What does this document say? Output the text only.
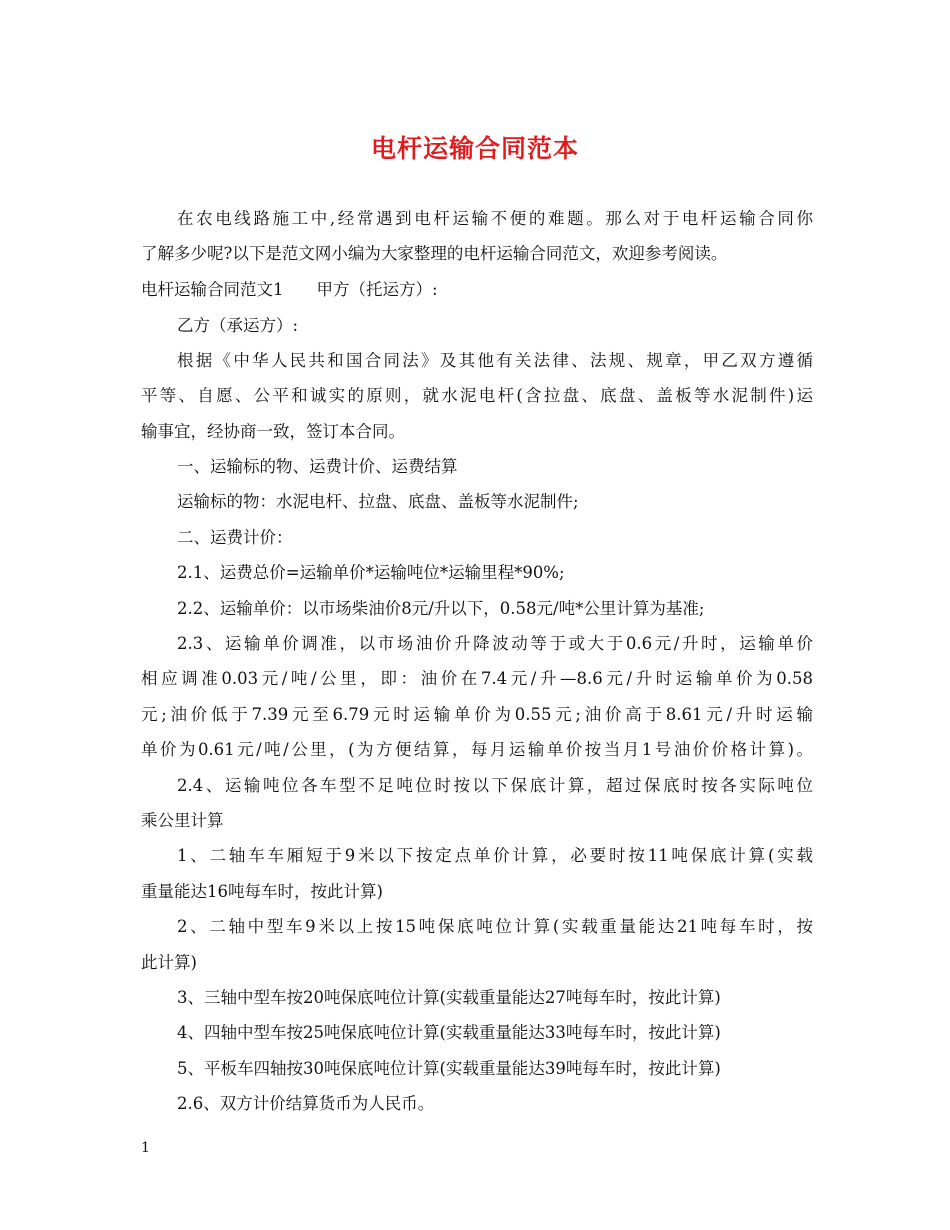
电杆运输合同范本
在农电线路施工中,经常遇到电杆运输不便的难题。那么对于电杆运输合同你
了解多少呢?以下是范文网小编为大家整理的电杆运输合同范文，欢迎参考阅读。
电杆运输合同范文1　　甲方（托运方）:
乙方（承运方）:
根据《中华人民共和国合同法》及其他有关法律、法规、规章，甲乙双方遵循
平等、自愿、公平和诚实的原则，就水泥电杆(含拉盘、底盘、盖板等水泥制件)运
输事宜，经协商一致，签订本合同。
一、运输标的物、运费计价、运费结算
运输标的物：水泥电杆、拉盘、底盘、盖板等水泥制件;
二、运费计价：
2.1、运费总价=运输单价*运输吨位*运输里程*90%;
2.2、运输单价：以市场柴油价8元/升以下，0.58元/吨*公里计算为基准;
2.3、运输单价调准，以市场油价升降波动等于或大于0.6元/升时，运输单价
相应调准0.03元/吨/公里，即：油价在7.4元/升—8.6元/升时运输单价为0.58
元;油价低于7.39元至6.79元时运输单价为0.55元;油价高于8.61元/升时运输
单价为0.61元/吨/公里，(为方便结算，每月运输单价按当月1号油价价格计算)。
2.4、运输吨位各车型不足吨位时按以下保底计算，超过保底时按各实际吨位
乘公里计算
1、二轴车车厢短于9米以下按定点单价计算，必要时按11吨保底计算(实载
重量能达16吨每车时，按此计算)
2、二轴中型车9米以上按15吨保底吨位计算(实载重量能达21吨每车时，按
此计算)
3、三轴中型车按20吨保底吨位计算(实载重量能达27吨每车时，按此计算)
4、四轴中型车按25吨保底吨位计算(实载重量能达33吨每车时，按此计算)
5、平板车四轴按30吨保底吨位计算(实载重量能达39吨每车时，按此计算)
2.6、双方计价结算货币为人民币。
1
